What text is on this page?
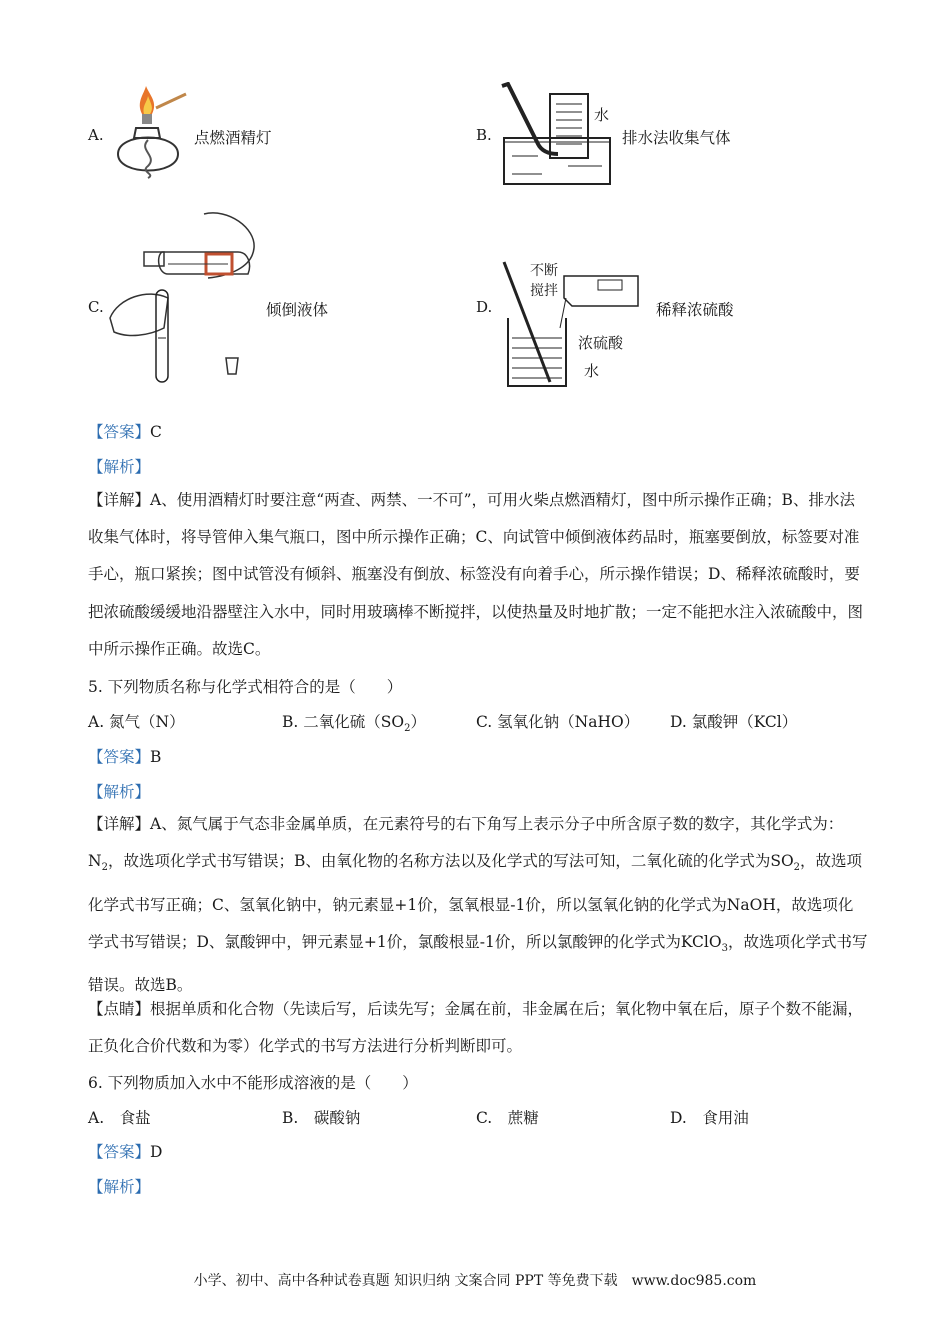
A.	点燃酒精灯	B.
水
排水法收集气体
C.	倾倒液体	D.
不断
搅拌
浓硫酸
水
稀释浓硫酸
【答案】C
【解析】
【详解】A、使用酒精灯时要注意“两查、两禁、一不可”，可用火柴点燃酒精灯，图中所示操作正确；B、排水法收集气体时，将导管伸入集气瓶口，图中所示操作正确；C、向试管中倾倒液体药品时，瓶塞要倒放，标签要对准手心，瓶口紧挨；图中试管没有倾斜、瓶塞没有倒放、标签没有向着手心，所示操作错误；D、稀释浓硫酸时，要把浓硫酸缓缓地沿器壁注入水中，同时用玻璃棒不断搅拌，以使热量及时地扩散；一定不能把水注入浓硫酸中，图中所示操作正确。故选C。
5. 下列物质名称与化学式相符合的是（　　）
A. 氮气（N）	B. 二氧化硫$(SO_2)$	C. 氢氧化钠（NaHO） D. 氯酸钾（KCl）
【答案】B
【解析】
【详解】A、氮气属于气态非金属单质，在元素符号的右下角写上表示分子中所含原子数的数字，其化学式为：$N_2$，故选项化学式书写错误；B、由氧化物的名称方法以及化学式的写法可知，二氧化硫的化学式为$SO_2$，故选项化学式书写正确；C、氢氧化钠中，钠元素显+1价，氢氧根显-1价，所以氢氧化钠的化学式为NaOH，故选项化学式书写错误；D、氯酸钾中，钾元素显+1价，氯酸根显-1价，所以氯酸钾的化学式为KClO$_3$，故选项化学式书写错误。故选B。
【点睛】根据单质和化合物（先读后写，后读先写；金属在前，非金属在后；氧化物中氧在后，原子个数不能漏，正负化合价代数和为零）化学式的书写方法进行分析判断即可。
6. 下列物质加入水中不能形成溶液的是（　　）
A.　食盐	B.　碳酸钠	C.　蔗糖	D.　食用油
【答案】D
【解析】
小学、初中、高中各种试卷真题 知识归纳 文案合同 PPT 等免费下载　www.doc985.com
